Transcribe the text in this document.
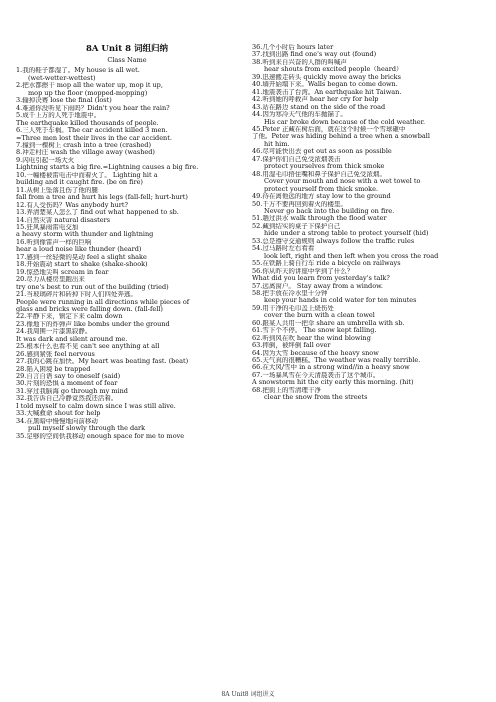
8A Unit 8 词组归纳
Class Name
1.我的鞋子都湿了。My house is all wet.
(wet-wetter-wettest)
2.把水都擦干 mop all the water up, mop it up,
mop up the floor (mopped-mopping)
3.输掉决赛 lose the final (lost)
4.难道你没听见下雨吗？Didn't you hear the rain?
5.成千上万的人死于地震中。
The earthquake killed thousands of people.
6.三人死于车祸。The car accident killed 3 men.
=Three men lost their lives in the car accident.
7.撞到一棵树上 crash into a tree (crashed)
8.冲走村庄 wash the village away (washed)
9.闪电引起一场大火
Lightning starts a big fire.=Lightning causes a big fire.
10.一幢楼被雷电击中而着火了。 Lighting hit a
building and it caught fire. (be on fire)
11.从树上坠落且伤了他的腿
fall from a tree and hurt his legs (fall-fell; hurt-hurt)
12.有人受伤吗？Was anybody hurt?
13.弄清楚某人怎么了 find out what happened to sb.
14.自然灾害 natural disasters
15.狂风暴雨雷电交加
a heavy storm with thunder and lightning
16.听到像雷声一样的巨响
hear a loud noise like thunder (heard)
17.感到一丝轻微的晃动 feel a slight shake
18.开始震动 start to shake (shake-shook)
19.惊恐地尖叫 scream in fear
20.尽力从楼房里跑出来
try one's best to run out of the building (tried)
21.当玻璃碎片和砖掉下时人们四处奔逃。
People were running in all directions while pieces of
glass and bricks were falling down. (fall-fell)
22.平静下来，镇定下来 calm down
23.像地下的炸弹声 like bombs under the ground
24.我周围一片漆黑寂静。
It was dark and silent around me.
25.根本什么也看不见 can't see anything at all
26.感到紧张 feel nervous
27.我的心跳在加快。My heart was beating fast. (beat)
28.陷入困境 be trapped
29.自言自语 say to oneself (said)
30.片刻的恐惧 a moment of fear
31.穿过我脑海 go through my mind
32.我告诉自己冷静竟然我还活着。
I told myself to calm down since I was still alive.
33.大喊救命 shout for help
34.在黑暗中慢慢地向前移动
pull myself slowly through the dark
35.足够的空间供我移动 enough space for me to move
36.几个小时后 hours later
37.找到出路 find one's way out (found)
38.听到来自兴奋的人群的叫喊声
hear shouts from excited people（heard）
39.迅速搬走砖头 quickly move away the bricks
40.墙开始塌下来。Walls began to come down.
41.地震袭击了台湾。An earthquake hit Taiwan.
42.听到她的呼救声 hear her cry for help
43.站在路边 stand on the side of the road
44.因为寒冷天气他的车抛锚了。
His car broke down because of the cold weather.
45.Peter 正藏在树后面，就在这个时候一个雪球砸中
了他。Peter was hiding behind a tree when a snowball
hit him.
46.尽可能快出去 get out as soon as possible
47.保护你们自己免受浓烟袭击
protect yourselves from thick smoke
48.用湿毛巾捂住嘴和鼻子保护自己免受浓烟。
Cover your mouth and nose with a wet towel to
protect yourself from thick smoke.
49.待在离他远的地方 stay low to the ground
50.千万不要再回到着火的楼里。
Never go back into the building on fire.
51.趟过洪水 walk through the flood water
52.藏到结实的桌子下保护自己
hide under a strong table to protect yourself (hid)
53.总是遵守交通规则 always follow the traffic rules
54.过马路时左右看看
look left, right and then left when you cross the road
55.在铁路上骑自行车 ride a bicycle on railways
56.你从昨天的讲座中学到了什么？
What did you learn from yesterday's talk?
57.远离窗户。 Stay away from a window.
58.把手放在冷水里十分钟
keep your hands in cold water for ten minutes
59.用干净的毛巾盖上烧伤处
cover the burn with a clean towel
60.跟某人共用一把伞 share an umbrella with sb.
61.雪下个不停。 The snow kept falling.
62.听到风在吹 hear the wind blowing
63.摔倒，被绊倒 fall over
64.因为大雪 because of the heavy snow
65.天气真的很糟糕。The weather was really terrible.
66.在大风/雪中 in a strong wind//in a heavy snow
67.一场暴风雪在今天清晨袭击了这个城市。
A snowstorm hit the city early this morning. (hit)
68.把街上的雪清理干净
clear the snow from the streets
8A Unit8 词组讲义
